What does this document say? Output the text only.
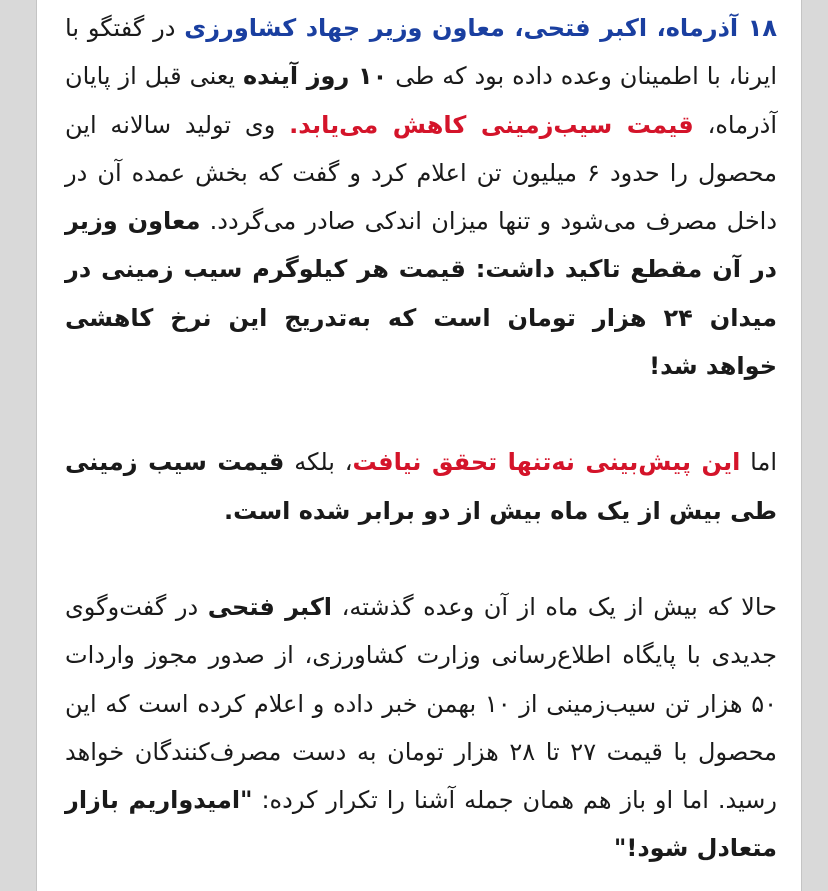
۱۸ آذرماه، اکبر فتحی، معاون وزیر جهاد کشاورزی در گفتگو با ایرنا، با اطمینان وعده داده بود که طی ۱۰ روز آینده یعنی قبل از پایان آذرماه، قیمت سیب‌زمینی کاهش می‌یابد. وی تولید سالانه این محصول را حدود ۶ میلیون تن اعلام کرد و گفت که بخش عمده آن در داخل مصرف می‌شود و تنها میزان اندکی صادر می‌گردد. معاون وزیر در آن مقطع تاکید داشت: قیمت هر کیلوگرم سیب زمینی در میدان ۲۴ هزار تومان است که به‌تدریج این نرخ کاهشی خواهد شد!

اما این پیش‌بینی نه‌تنها تحقق نیافت، بلکه قیمت سیب زمینی طی بیش از یک ماه بیش از دو برابر شده است.

حالا که بیش از یک ماه از آن وعده گذشته، اکبر فتحی در گفت‌وگوی جدیدی با پایگاه اطلاع‌رسانی وزارت کشاورزی، از صدور مجوز واردات ۵۰ هزار تن سیب‌زمینی از ۱۰ بهمن خبر داده و اعلام کرده است که این محصول با قیمت ۲۷ تا ۲۸ هزار تومان به دست مصرف‌کنندگان خواهد رسید. اما او باز هم همان جمله آشنا را تکرار کرده: "امیدواریم بازار متعادل شود!"
